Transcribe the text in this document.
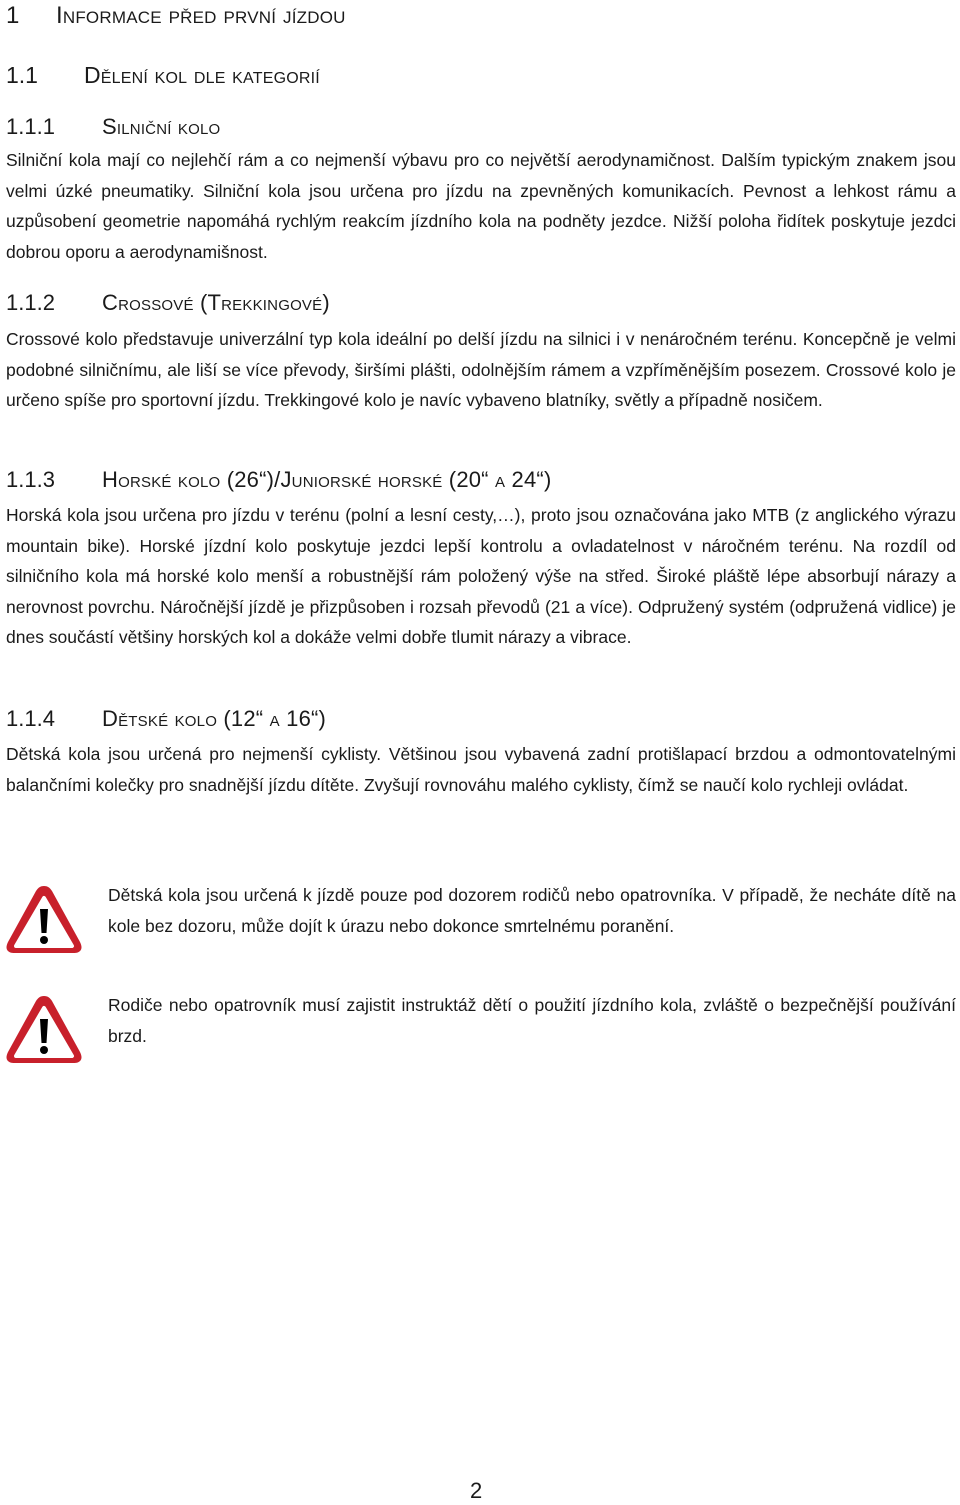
1 Informace před první jízdou
1.1 Dělení kol dle kategorií
1.1.1 Silniční kolo

Silniční kola mají co nejlehčí rám a co nejmenší výbavu pro co největší aerodynamičnost. Dalším typickým znakem jsou velmi úzké pneumatiky. Silniční kola jsou určena pro jízdu na zpevněných komunikacích. Pevnost a lehkost rámu a uzpůsobení geometrie napomáhá rychlým reakcím jízdního kola na podněty jezdce. Nižší poloha řidítek poskytuje jezdci dobrou oporu a aerodynamišnost.

1.1.2 Crossové (Trekkingové)

Crossové kolo představuje univerzální typ kola ideální po delší jízdu na silnici i v nenáročném terénu. Koncepčně je velmi podobné silničnímu, ale liší se více převody, širšími plášti, odolnějším rámem a vzpříměnějším posezem. Crossové kolo je určeno spíše pro sportovní jízdu. Trekkingové kolo je navíc vybaveno blatníky, světly a případně nosičem.

1.1.3 Horské kolo (26“)/Juniorské horské (20“ a 24“)

Horská kola jsou určena pro jízdu v terénu (polní a lesní cesty,…), proto jsou označována jako MTB (z anglického výrazu mountain bike). Horské jízdní kolo poskytuje jezdci lepší kontrolu a ovladatelnost v náročném terénu. Na rozdíl od silničního kola má horské kolo menší a robustnější rám položený výše na střed. Široké pláště lépe absorbují nárazy a nerovnost povrchu. Náročnější jízdě je přizpůsoben i rozsah převodů (21 a více). Odpružený systém (odpružená vidlice) je dnes součástí většiny horských kol a dokáže velmi dobře tlumit nárazy a vibrace.

1.1.4 Dětské kolo (12“ a 16“)

Dětská kola jsou určená pro nejmenší cyklisty. Většinou jsou vybavená zadní protišlapací brzdou a odmontovatelnými balančními kolečky pro snadnější jízdu dítěte. Zvyšují rovnováhu malého cyklisty, čímž se naučí kolo rychleji ovládat.

Dětská kola jsou určená k jízdě pouze pod dozorem rodičů nebo opatrovníka. V případě, že necháte dítě na kole bez dozoru, může dojít k úrazu nebo dokonce smrtelnému poranění.

Rodiče nebo opatrovník musí zajistit instruktáž dětí o použití jízdního kola, zvláště o bezpečnější používání brzd.

2
